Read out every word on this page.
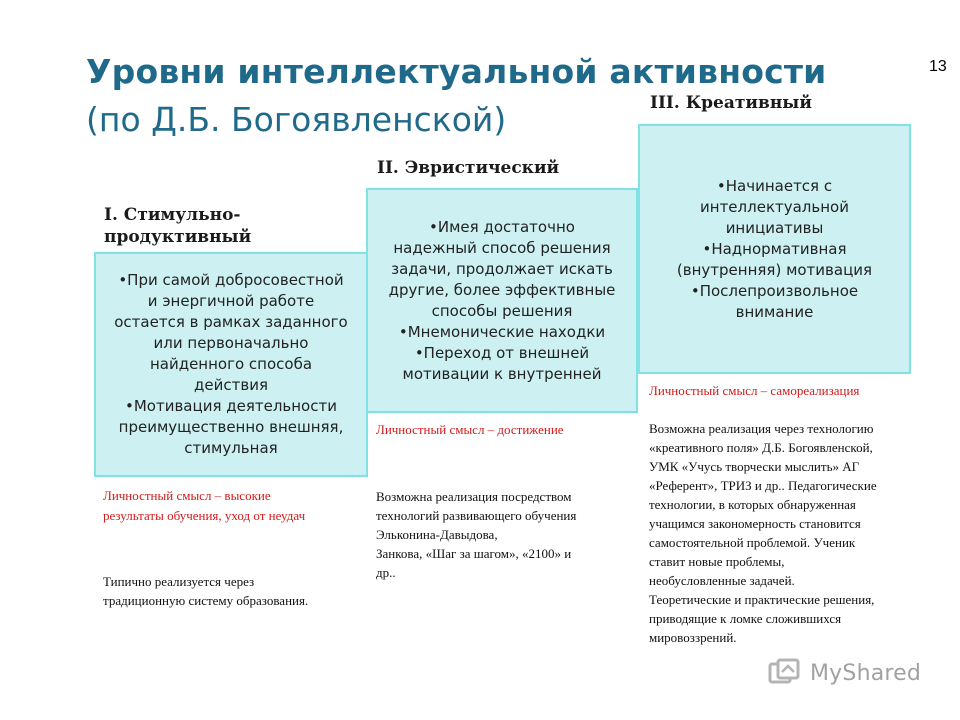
Уровни интеллектуальной активности
(по Д.Б. Богоявленской)
13
I. Стимульно-
продуктивный
•При самой добросовестной
и энергичной работе
остается в рамках заданного
или первоначально
найденного способа
действия
•Мотивация деятельности
преимущественно внешняя,
стимульная
Личностный смысл – высокие
результаты обучения, уход от неудач
Типично реализуется через
традиционную систему образования.
II. Эвристический
•Имея достаточно
надежный способ решения
задачи, продолжает искать
другие, более эффективные
способы решения
•Мнемонические находки
•Переход от внешней
мотивации к внутренней
Личностный смысл – достижение
Возможна реализация посредством
технологий развивающего обучения
Эльконина-Давыдова,
Занкова, «Шаг за шагом», «2100» и
др..
III. Креативный
•Начинается с
интеллектуальной
инициативы
•Надноpмативная
(внутренняя) мотивация
•Послепроизвольное
внимание
Личностный смысл – самореализация
Возможна реализация через технологию
«креативного поля» Д.Б. Богоявленской,
УМК «Учусь творчески мыслить» АГ
«Референт», ТРИЗ и др.. Педагогические
технологии, в которых обнаруженная
учащимся закономерность становится
самостоятельной проблемой. Ученик
ставит новые проблемы,
необусловленные задачей.
Теоретические и практические решения,
приводящие к ломке сложившихся
мировоззрений.
MyShared
